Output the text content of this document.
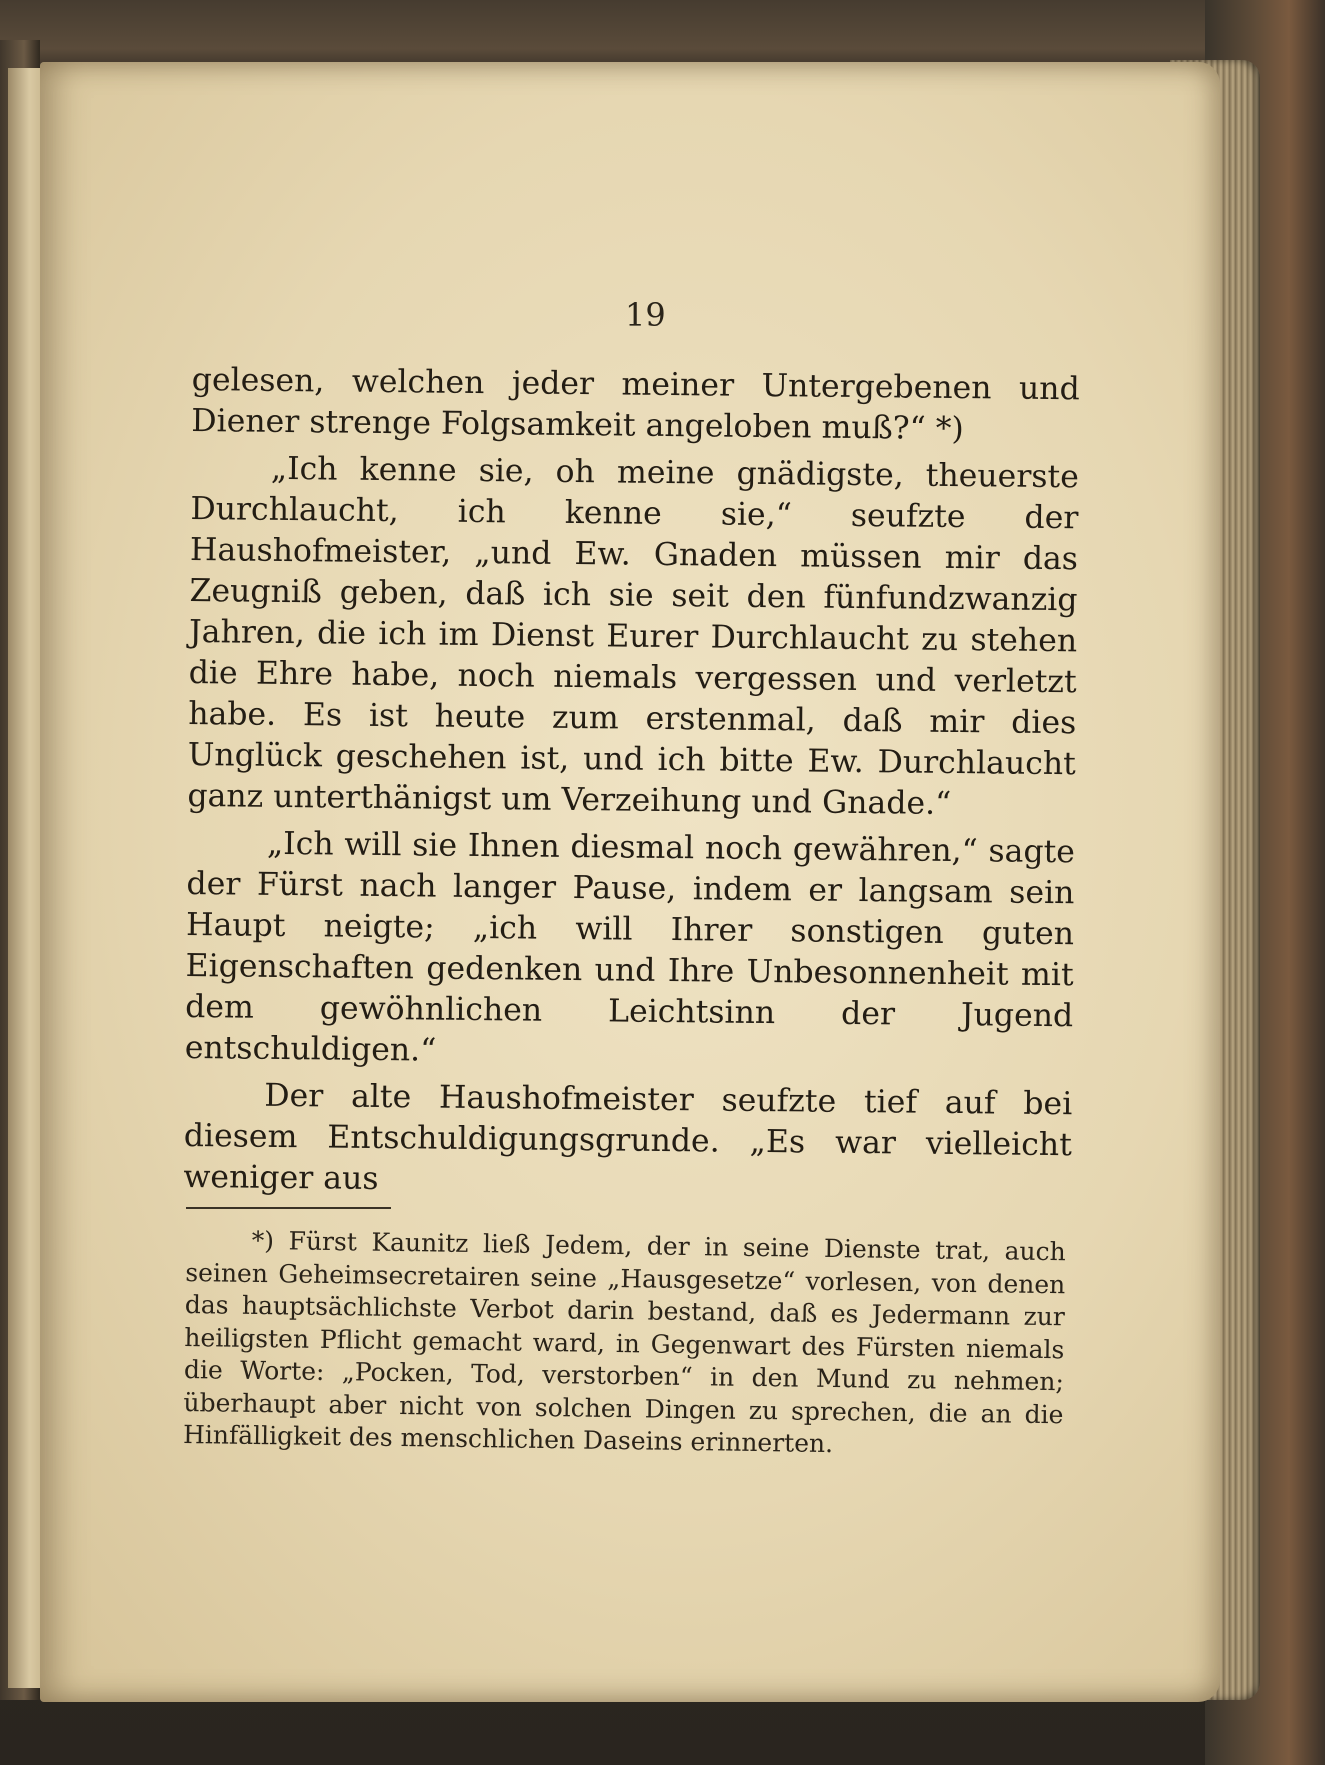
19

gelesen, welchen jeder meiner Untergebenen und Diener strenge Folgsamkeit angeloben muß?“ *)

„Ich kenne sie, oh meine gnädigste, theuerste Durchlaucht, ich kenne sie,“ seufzte der Haushofmeister, „und Ew. Gnaden müssen mir das Zeugniß geben, daß ich sie seit den fünfundzwanzig Jahren, die ich im Dienst Eurer Durchlaucht zu stehen die Ehre habe, noch niemals vergessen und verletzt habe. Es ist heute zum erstenmal, daß mir dies Unglück geschehen ist, und ich bitte Ew. Durchlaucht ganz unterthänigst um Verzeihung und Gnade.“

„Ich will sie Ihnen diesmal noch gewähren,“ sagte der Fürst nach langer Pause, indem er langsam sein Haupt neigte; „ich will Ihrer sonstigen guten Eigenschaften gedenken und Ihre Unbesonnenheit mit dem gewöhnlichen Leichtsinn der Jugend entschuldigen.“

Der alte Haushofmeister seufzte tief auf bei diesem Entschuldigungsgrunde. „Es war vielleicht weniger aus

*) Fürst Kaunitz ließ Jedem, der in seine Dienste trat, auch seinen Geheimsecretairen seine „Hausgesetze“ vorlesen, von denen das hauptsächlichste Verbot darin bestand, daß es Jedermann zur heiligsten Pflicht gemacht ward, in Gegenwart des Fürsten niemals die Worte: „Pocken, Tod, verstorben“ in den Mund zu nehmen; überhaupt aber nicht von solchen Dingen zu sprechen, die an die Hinfälligkeit des menschlichen Daseins erinnerten.
